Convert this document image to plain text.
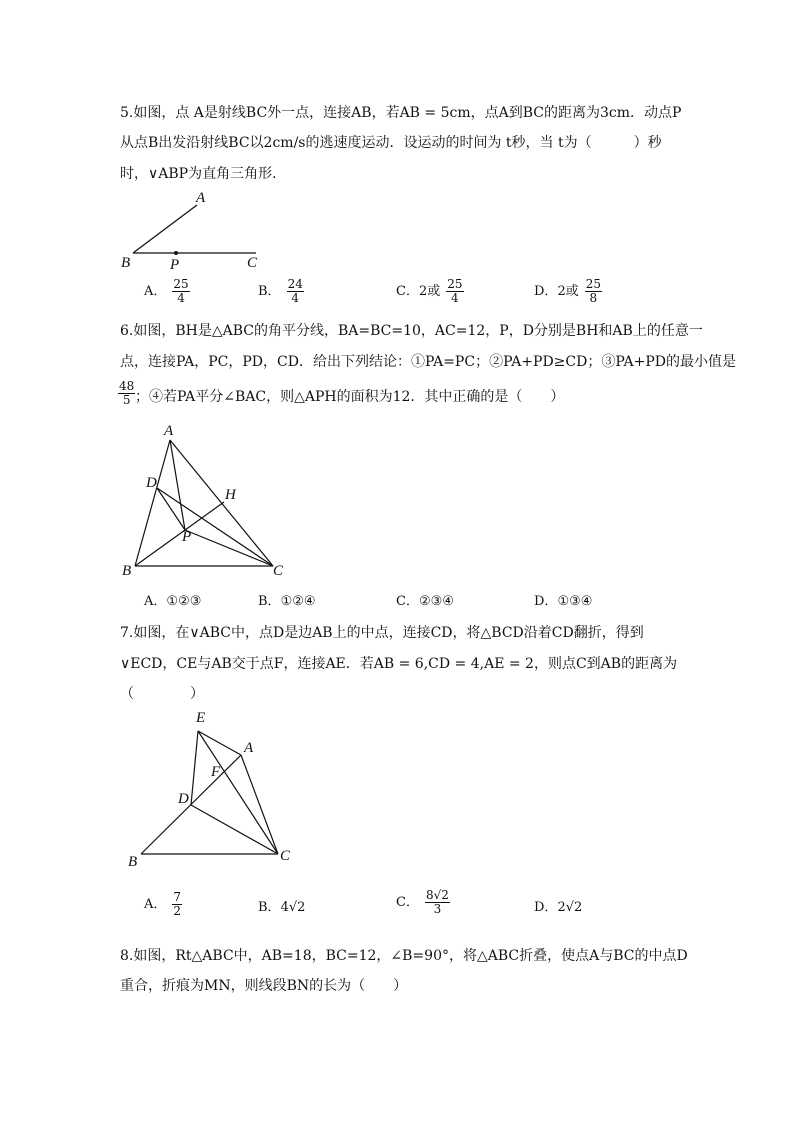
5.如图，点 A是射线BC外一点，连接AB，若AB = 5cm，点A到BC的距离为3cm．动点P
从点B出发沿射线BC以2cm/s的逃速度运动．设运动的时间为 t秒，当 t为（　　　）秒
时，∨ABP为直角三角形．
A
B	P	C
A． $\frac{25}{4}$	B． $\frac{24}{4}$	C． 2或 $\frac{25}{4}$	D． 2或 $\frac{25}{8}$
6.如图，BH是△ABC的角平分线，BA=BC=10，AC=12，P，D分别是BH和AB上的任意一
点，连接PA，PC，PD，CD．给出下列结论：①PA=PC；②PA+PD≥CD；③PA+PD的最小值是
$\frac{48}{5}$ ；④若PA平分∠BAC，则△APH的面积为12．其中正确的是（　　）
A
D
H
P
B	C
A． ①②③	B． ①②④	C． ②③④	D． ①③④
7.如图，在∨ABC中，点D是边AB上的中点，连接CD，将△BCD沿着CD翻折，得到
∨ECD，CE与AB交于点F，连接AE．若AB = 6,CD = 4,AE = 2，则点C到AB的距离为
（　　　　）
E
A
F
D
B	C
A． $\frac{7}{2}$	B． 4√2	C． $\frac{8√2}{3}$	D． 2√2
8.如图，Rt△ABC中，AB=18，BC=12，∠B=90°，将△ABC折叠，使点A与BC的中点D
重合，折痕为MN，则线段BN的长为（　　）
